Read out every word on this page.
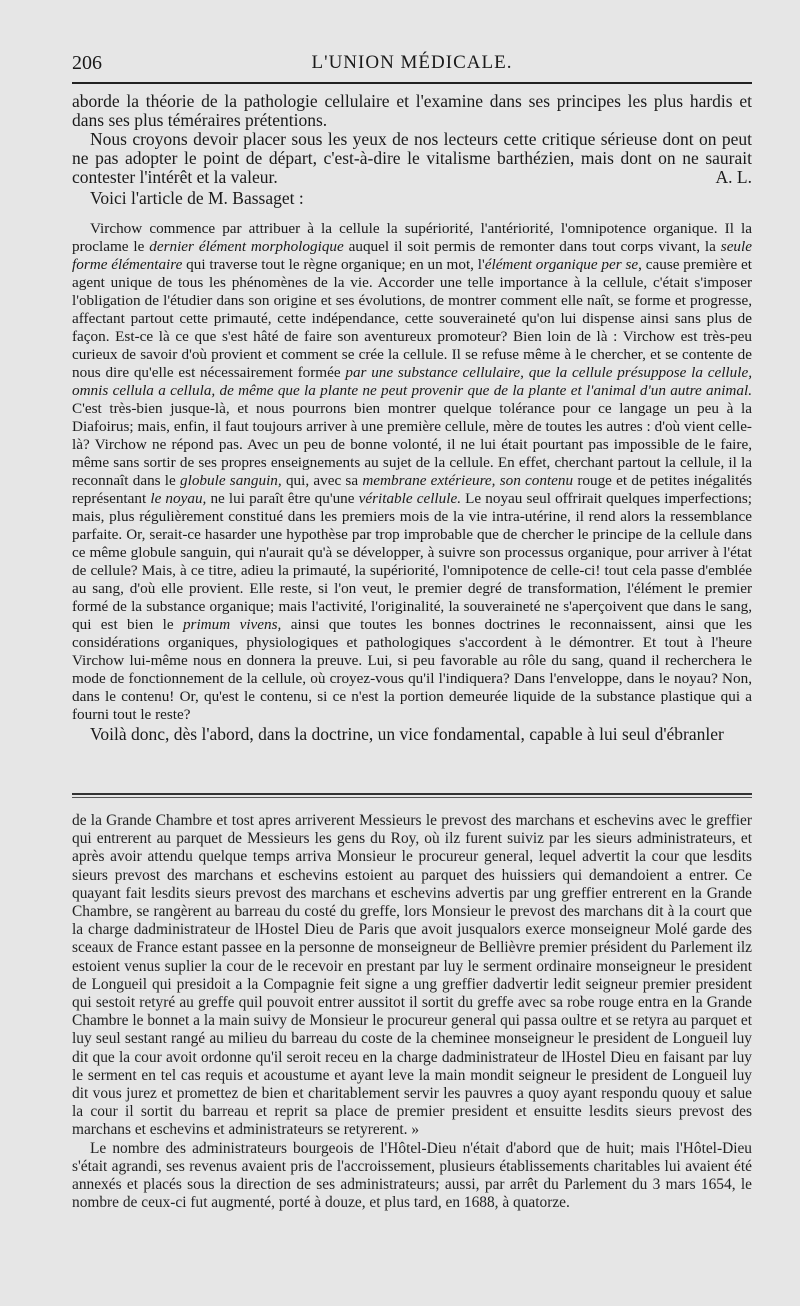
206	L'UNION MÉDICALE.

aborde la théorie de la pathologie cellulaire et l'examine dans ses principes les plus hardis et dans ses plus téméraires prétentions.

Nous croyons devoir placer sous les yeux de nos lecteurs cette critique sérieuse dont on peut ne pas adopter le point de départ, c'est-à-dire le vitalisme barthézien, mais dont on ne saurait contester l'intérêt et la valeur.	A. L.

Voici l'article de M. Bassaget :

Virchow commence par attribuer à la cellule la supériorité, l'antériorité, l'omnipotence organique. Il la proclame le dernier élément morphologique auquel il soit permis de remonter dans tout corps vivant, la seule forme élémentaire qui traverse tout le règne organique; en un mot, l'élément organique per se, cause première et agent unique de tous les phénomènes de la vie. Accorder une telle importance à la cellule, c'était s'imposer l'obligation de l'étudier dans son origine et ses évolutions, de montrer comment elle naît, se forme et progresse, affectant partout cette primauté, cette indépendance, cette souveraineté qu'on lui dispense ainsi sans plus de façon. Est-ce là ce que s'est hâté de faire son aventureux promoteur? Bien loin de là : Virchow est très-peu curieux de savoir d'où provient et comment se crée la cellule. Il se refuse même à le chercher, et se contente de nous dire qu'elle est nécessairement formée par une substance cellulaire, que la cellule présuppose la cellule, omnis cellula a cellula, de même que la plante ne peut provenir que de la plante et l'animal d'un autre animal. C'est très-bien jusque-là, et nous pourrons bien montrer quelque tolérance pour ce langage un peu à la Diafoirus; mais, enfin, il faut toujours arriver à une première cellule, mère de toutes les autres : d'où vient celle-là? Virchow ne répond pas. Avec un peu de bonne volonté, il ne lui était pourtant pas impossible de le faire, même sans sortir de ses propres enseignements au sujet de la cellule. En effet, cherchant partout la cellule, il la reconnaît dans le globule sanguin, qui, avec sa membrane extérieure, son contenu rouge et de petites inégalités représentant le noyau, ne lui paraît être qu'une véritable cellule. Le noyau seul offrirait quelques imperfections; mais, plus régulièrement constitué dans les premiers mois de la vie intra-utérine, il rend alors la ressemblance parfaite. Or, serait-ce hasarder une hypothèse par trop improbable que de chercher le principe de la cellule dans ce même globule sanguin, qui n'aurait qu'à se développer, à suivre son processus organique, pour arriver à l'état de cellule? Mais, à ce titre, adieu la primauté, la supériorité, l'omnipotence de celle-ci! tout cela passe d'emblée au sang, d'où elle provient. Elle reste, si l'on veut, le premier degré de transformation, l'élément le premier formé de la substance organique; mais l'activité, l'originalité, la souveraineté ne s'aperçoivent que dans le sang, qui est bien le primum vivens, ainsi que toutes les bonnes doctrines le reconnaissent, ainsi que les considérations organiques, physiologiques et pathologiques s'accordent à le démontrer. Et tout à l'heure Virchow lui-même nous en donnera la preuve. Lui, si peu favorable au rôle du sang, quand il recherchera le mode de fonctionnement de la cellule, où croyez-vous qu'il l'indiquera? Dans l'enveloppe, dans le noyau? Non, dans le contenu! Or, qu'est le contenu, si ce n'est la portion demeurée liquide de la substance plastique qui a fourni tout le reste?

Voilà donc, dès l'abord, dans la doctrine, un vice fondamental, capable à lui seul d'ébranler

de la Grande Chambre et tost apres arriverent Messieurs le prevost des marchans et eschevins avec le greffier qui entrerent au parquet de Messieurs les gens du Roy, où ilz furent suiviz par les sieurs administrateurs, et après avoir attendu quelque temps arriva Monsieur le procureur general, lequel advertit la cour que lesdits sieurs prevost des marchans et eschevins estoient au parquet des huissiers qui demandoient a entrer. Ce quayant fait lesdits sieurs prevost des marchans et eschevins advertis par ung greffier entrerent en la Grande Chambre, se rangèrent au barreau du costé du greffe, lors Monsieur le prevost des marchans dit à la court que la charge dadministrateur de lHostel Dieu de Paris que avoit jusqualors exerce monseigneur Molé garde des sceaux de France estant passee en la personne de monseigneur de Bellièvre premier président du Parlement ilz estoient venus suplier la cour de le recevoir en prestant par luy le serment ordinaire monseigneur le president de Longueil qui presidoit a la Compagnie feit signe a ung greffier dadvertir ledit seigneur premier president qui sestoit retyré au greffe quil pouvoit entrer aussitot il sortit du greffe avec sa robe rouge entra en la Grande Chambre le bonnet a la main suivy de Monsieur le procureur general qui passa oultre et se retyra au parquet et luy seul sestant rangé au milieu du barreau du coste de la cheminee monseigneur le president de Longueil luy dit que la cour avoit ordonne qu'il seroit receu en la charge dadministrateur de lHostel Dieu en faisant par luy le serment en tel cas requis et acoustume et ayant leve la main mondit seigneur le president de Longueil luy dit vous jurez et promettez de bien et charitablement servir les pauvres a quoy ayant respondu quouy et salue la cour il sortit du barreau et reprit sa place de premier president et ensuitte lesdits sieurs prevost des marchans et eschevins et administrateurs se retyrerent. »

Le nombre des administrateurs bourgeois de l'Hôtel-Dieu n'était d'abord que de huit; mais l'Hôtel-Dieu s'était agrandi, ses revenus avaient pris de l'accroissement, plusieurs établissements charitables lui avaient été annexés et placés sous la direction de ses administrateurs; aussi, par arrêt du Parlement du 3 mars 1654, le nombre de ceux-ci fut augmenté, porté à douze, et plus tard, en 1688, à quatorze.
